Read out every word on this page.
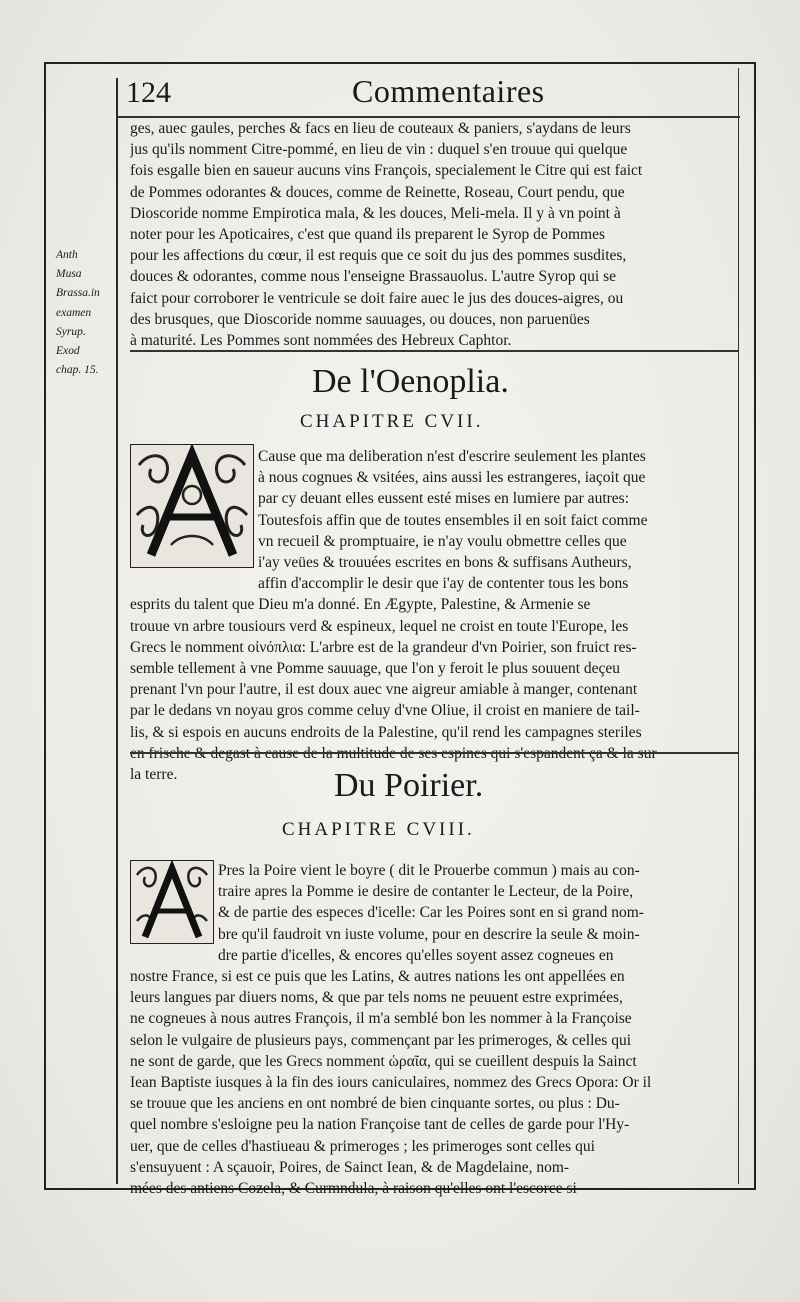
124	Commentaires
Anth
Musa
Brassa.in
examen
Syrup.
Exod
chap. 15.
ges, auec gaules, perches & facs en lieu de couteaux & paniers, s'aydans de leurs
jus qu'ils nomment Citre-pommé, en lieu de vin : duquel s'en trouue qui quelque
fois esgalle bien en saueur aucuns vins François, specialement le Citre qui est faict
de Pommes odorantes & douces, comme de Reinette, Roseau, Court pendu, que
Dioscoride nomme Empirotica mala, & les douces, Meli-mela. Il y à vn point à
noter pour les Apoticaires, c'est que quand ils preparent le Syrop de Pommes
pour les affections du cœur, il est requis que ce soit du jus des pommes susdites,
douces & odorantes, comme nous l'enseigne Brassauolus. L'autre Syrop qui se
faict pour corroborer le ventricule se doit faire auec le jus des douces-aigres, ou
des brusques, que Dioscoride nomme sauuages, ou douces, non paruenües
à maturité. Les Pommes sont nommées des Hebreux Caphtor.
De l'Oenoplia.
CHAPITRE CVII.
Cause que ma deliberation n'est d'escrire seulement les plantes
à nous cognues & vsitées, ains aussi les estrangeres, iaçoit que
par cy deuant elles eussent esté mises en lumiere par autres:
Toutesfois affin que de toutes ensembles il en soit faict comme
vn recueil & promptuaire, ie n'ay voulu obmettre celles que
i'ay veües & trouuées escrites en bons & suffisans Autheurs,
affin d'accomplir le desir que i'ay de contenter tous les bons
esprits du talent que Dieu m'a donné. En Ægypte, Palestine, & Armenie se
trouue vn arbre tousiours verd & espineux, lequel ne croist en toute l'Europe, les
Grecs le nomment οἰνόπλια: L'arbre est de la grandeur d'vn Poirier, son fruict res-
semble tellement à vne Pomme sauuage, que l'on y feroit le plus souuent deçeu
prenant l'vn pour l'autre, il est doux auec vne aigreur amiable à manger, contenant
par le dedans vn noyau gros comme celuy d'vne Oliue, il croist en maniere de tail-
lis, & si espois en aucuns endroits de la Palestine, qu'il rend les campagnes steriles
la terre.	Du Poirier.
CHAPITRE CVIII.
Pres la Poire vient le boyre ( dit le Prouerbe commun ) mais au con-
traire apres la Pomme ie desire de contanter le Lecteur, de la Poire,
& de partie des especes d'icelle: Car les Poires sont en si grand nom-
bre qu'il faudroit vn iuste volume, pour en descrire la seule & moin-
dre partie d'icelles, & encores qu'elles soyent assez cogneues en
nostre France, si est ce puis que les Latins, & autres nations les ont appellées en
leurs langues par diuers noms, & que par tels noms ne peuuent estre exprimées,
ne cogneues à nous autres François, il m'a semblé bon les nommer à la Françoise
selon le vulgaire de plusieurs pays, commençant par les primeroges, & celles qui
ne sont de garde, que les Grecs nomment ὡραῖα, qui se cueillent despuis la Sainct
Iean Baptiste iusques à la fin des iours caniculaires, nommez des Grecs Opora: Or il
se trouue que les anciens en ont nombré de bien cinquante sortes, ou plus : Du-
quel nombre s'esloigne peu la nation Françoise tant de celles de garde pour l'Hy-
uer, que de celles d'hastiueau & primeroges ; les primeroges sont celles qui
s'ensuyuent : A sçauoir, Poires, de Sainct Iean, & de Magdelaine, nom-
mées des antiens Cozela, & Curmndula, à raison qu'elles ont l'escorce si
